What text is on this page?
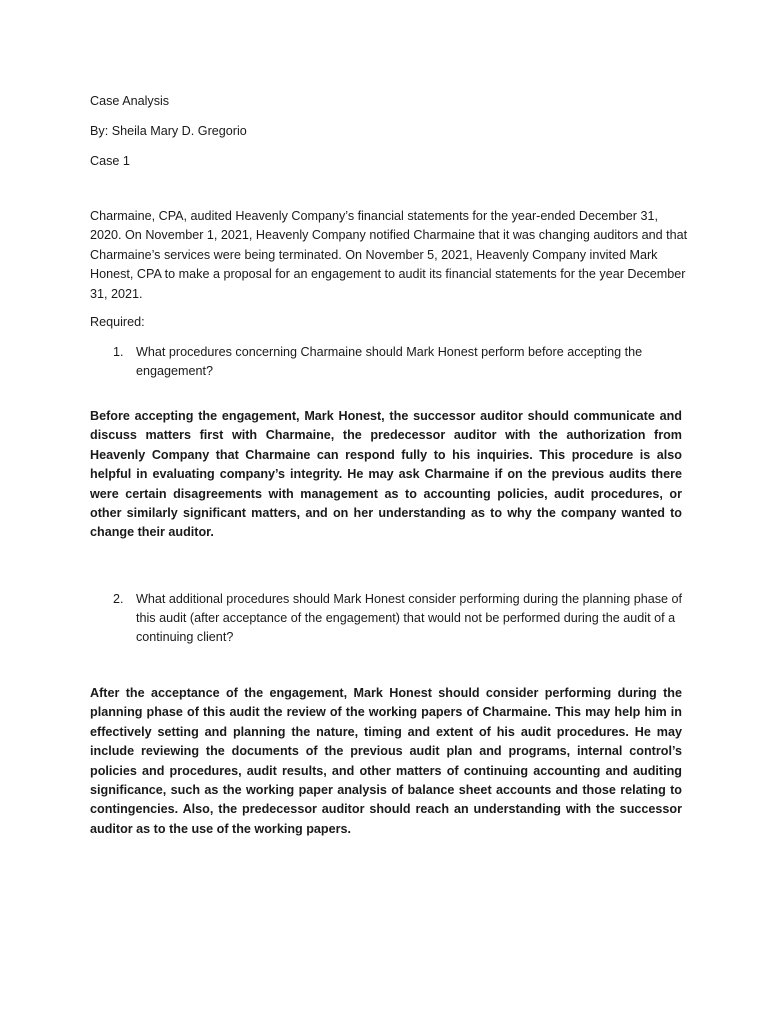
Case Analysis

By: Sheila Mary D. Gregorio

Case 1

Charmaine, CPA, audited Heavenly Company’s financial statements for the year-ended December 31, 2020. On November 1, 2021, Heavenly Company notified Charmaine that it was changing auditors and that Charmaine’s services were being terminated. On November 5, 2021, Heavenly Company invited Mark Honest, CPA to make a proposal for an engagement to audit its financial statements for the year December 31, 2021.

Required:

1. What procedures concerning Charmaine should Mark Honest perform before accepting the engagement?

Before accepting the engagement, Mark Honest, the successor auditor should communicate and discuss matters first with Charmaine, the predecessor auditor with the authorization from Heavenly Company that Charmaine can respond fully to his inquiries. This procedure is also helpful in evaluating company’s integrity. He may ask Charmaine if on the previous audits there were certain disagreements with management as to accounting policies, audit procedures, or other similarly significant matters, and on her understanding as to why the company wanted to change their auditor.

2. What additional procedures should Mark Honest consider performing during the planning phase of this audit (after acceptance of the engagement) that would not be performed during the audit of a continuing client?

After the acceptance of the engagement, Mark Honest should consider performing during the planning phase of this audit the review of the working papers of Charmaine. This may help him in effectively setting and planning the nature, timing and extent of his audit procedures. He may include reviewing the documents of the previous audit plan and programs, internal control’s policies and procedures, audit results, and other matters of continuing accounting and auditing significance, such as the working paper analysis of balance sheet accounts and those relating to contingencies. Also, the predecessor auditor should reach an understanding with the successor auditor as to the use of the working papers.
